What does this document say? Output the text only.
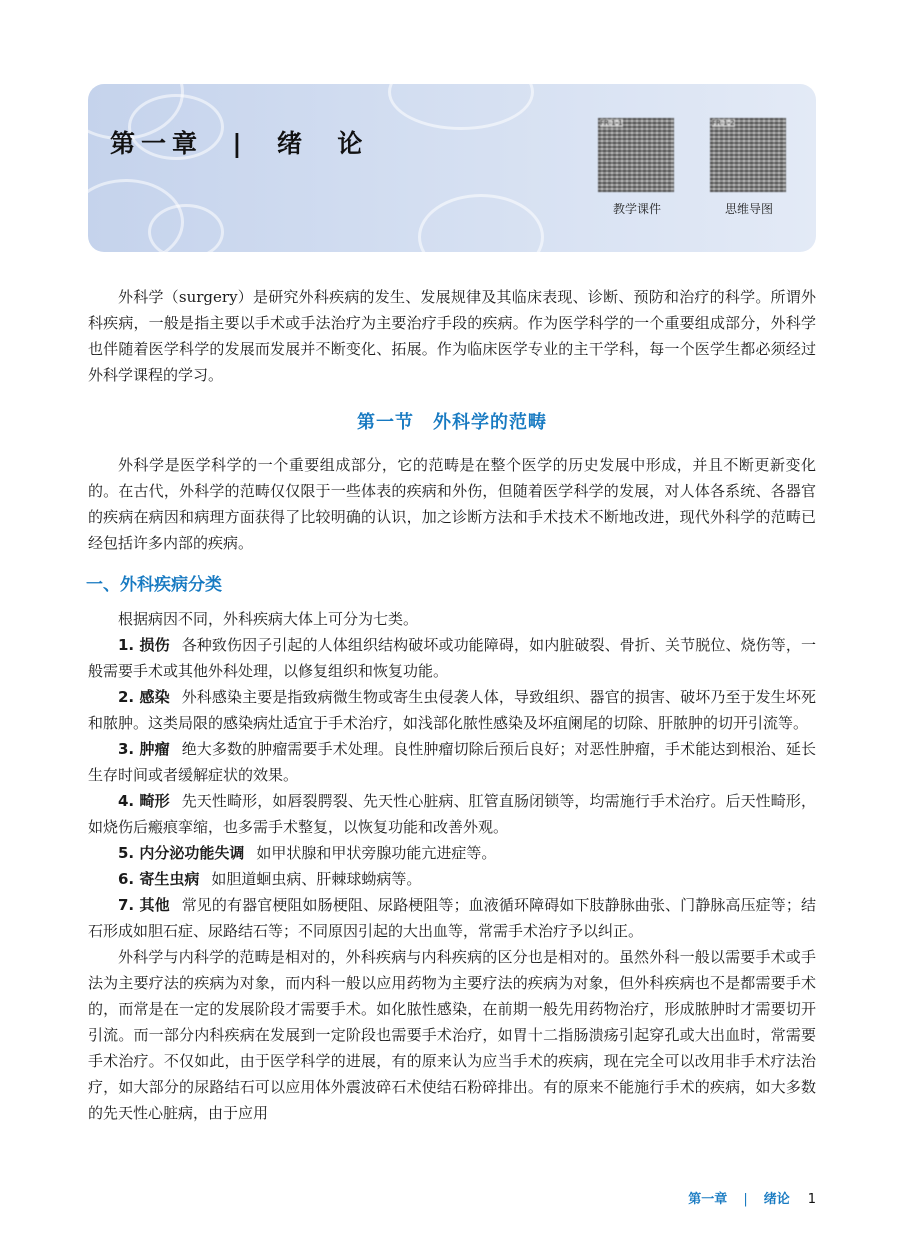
第一章  |  绪  论
FR 1-1
教学课件
FR 1-2
思维导图

外科学（surgery）是研究外科疾病的发生、发展规律及其临床表现、诊断、预防和治疗的科学。所谓外科疾病，一般是指主要以手术或手法治疗为主要治疗手段的疾病。作为医学科学的一个重要组成部分，外科学也伴随着医学科学的发展而发展并不断变化、拓展。作为临床医学专业的主干学科，每一个医学生都必须经过外科学课程的学习。

第一节　外科学的范畴

外科学是医学科学的一个重要组成部分，它的范畴是在整个医学的历史发展中形成，并且不断更新变化的。在古代，外科学的范畴仅仅限于一些体表的疾病和外伤，但随着医学科学的发展，对人体各系统、各器官的疾病在病因和病理方面获得了比较明确的认识，加之诊断方法和手术技术不断地改进，现代外科学的范畴已经包括许多内部的疾病。

一、外科疾病分类

根据病因不同，外科疾病大体上可分为七类。

1. 损伤 各种致伤因子引起的人体组织结构破坏或功能障碍，如内脏破裂、骨折、关节脱位、烧伤等，一般需要手术或其他外科处理，以修复组织和恢复功能。

2. 感染 外科感染主要是指致病微生物或寄生虫侵袭人体，导致组织、器官的损害、破坏乃至于发生坏死和脓肿。这类局限的感染病灶适宜于手术治疗，如浅部化脓性感染及坏疽阑尾的切除、肝脓肿的切开引流等。

3. 肿瘤 绝大多数的肿瘤需要手术处理。良性肿瘤切除后预后良好；对恶性肿瘤，手术能达到根治、延长生存时间或者缓解症状的效果。

4. 畸形 先天性畸形，如唇裂腭裂、先天性心脏病、肛管直肠闭锁等，均需施行手术治疗。后天性畸形，如烧伤后瘢痕挛缩，也多需手术整复，以恢复功能和改善外观。

5. 内分泌功能失调 如甲状腺和甲状旁腺功能亢进症等。

6. 寄生虫病 如胆道蛔虫病、肝棘球蚴病等。

7. 其他 常见的有器官梗阻如肠梗阻、尿路梗阻等；血液循环障碍如下肢静脉曲张、门静脉高压症等；结石形成如胆石症、尿路结石等；不同原因引起的大出血等，常需手术治疗予以纠正。

外科学与内科学的范畴是相对的，外科疾病与内科疾病的区分也是相对的。虽然外科一般以需要手术或手法为主要疗法的疾病为对象，而内科一般以应用药物为主要疗法的疾病为对象，但外科疾病也不是都需要手术的，而常是在一定的发展阶段才需要手术。如化脓性感染，在前期一般先用药物治疗，形成脓肿时才需要切开引流。而一部分内科疾病在发展到一定阶段也需要手术治疗，如胃十二指肠溃疡引起穿孔或大出血时，常需要手术治疗。不仅如此，由于医学科学的进展，有的原来认为应当手术的疾病，现在完全可以改用非手术疗法治疗，如大部分的尿路结石可以应用体外震波碎石术使结石粉碎排出。有的原来不能施行手术的疾病，如大多数的先天性心脏病，由于应用

第一章 | 绪论 1
